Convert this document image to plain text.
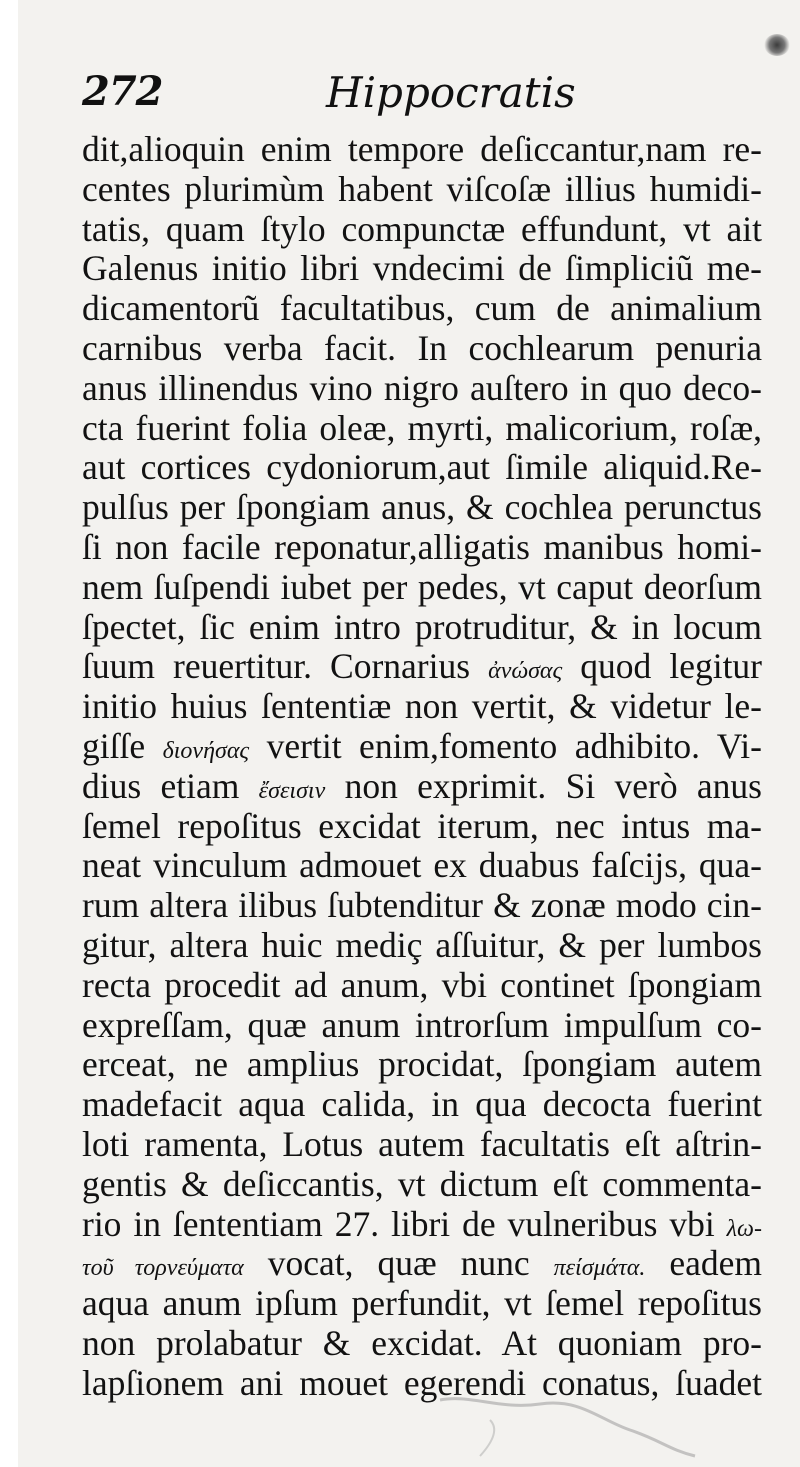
272	Hippocratis
dit,alioquin enim tempore deſiccantur,nam re-
centes plurimùm habent viſcoſæ illius humidi-
tatis, quam ſtylo compunctæ effundunt, vt ait
Galenus initio libri vndecimi de ſimpliciũ me-
dicamentorũ facultatibus, cum de animalium
carnibus verba facit. In cochlearum penuria
anus illinendus vino nigro auſtero in quo deco-
cta fuerint folia oleæ, myrti, malicorium, roſæ,
aut cortices cydoniorum,aut ſimile aliquid.Re-
pulſus per ſpongiam anus, & cochlea perunctus
ſi non facile reponatur,alligatis manibus homi-
nem ſuſpendi iubet per pedes, vt caput deorſum
ſpectet, ſic enim intro protruditur, & in locum
ſuum reuertitur. Cornarius ἀνώσας quod legitur
initio huius ſententiæ non vertit, & videtur le-
giſſe διονήσας vertit enim,fomento adhibito. Vi-
dius etiam ἔσεισιν non exprimit. Si verò anus
ſemel repoſitus excidat iterum, nec intus ma-
neat vinculum admouet ex duabus faſcijs, qua-
rum altera ilibus ſubtenditur & zonæ modo cin-
gitur, altera huic mediç aſſuitur, & per lumbos
recta procedit ad anum, vbi continet ſpongiam
expreſſam, quæ anum introrſum impulſum co-
erceat, ne amplius procidat, ſpongiam autem
madefacit aqua calida, in qua decocta fuerint
loti ramenta, Lotus autem facultatis eſt aſtrin-
gentis & deſiccantis, vt dictum eſt commenta-
rio in ſententiam 27. libri de vulneribus vbi λω-
τοῦ τορνεύματα vocat, quæ nunc πείσμάτα. eadem
aqua anum ipſum perfundit, vt ſemel repoſitus
non prolabatur & excidat. At quoniam pro-
lapſionem ani mouet egerendi conatus, ſuadet
